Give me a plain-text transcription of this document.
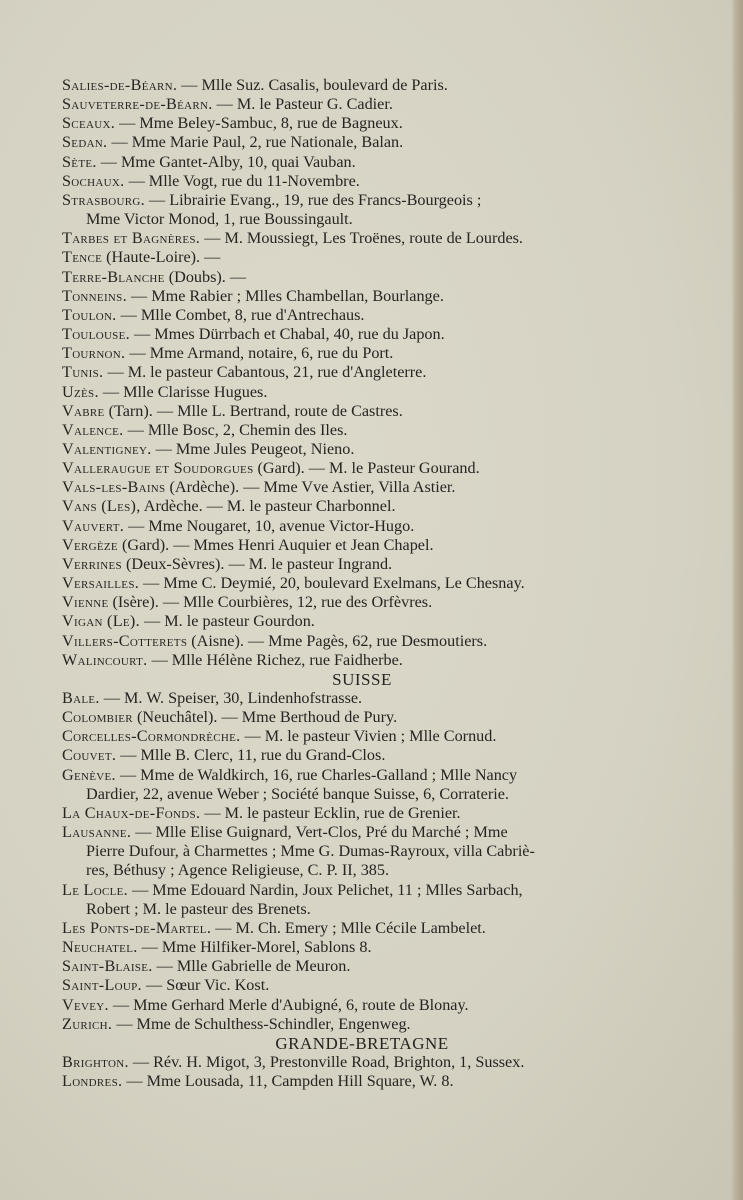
Salies-de-Béarn. — Mlle Suz. Casalis, boulevard de Paris.
Sauveterre-de-Béarn. — M. le Pasteur G. Cadier.
Sceaux. — Mme Beley-Sambuc, 8, rue de Bagneux.
Sedan. — Mme Marie Paul, 2, rue Nationale, Balan.
Sète. — Mme Gantet-Alby, 10, quai Vauban.
Sochaux. — Mlle Vogt, rue du 11-Novembre.
Strasbourg. — Librairie Evang., 19, rue des Francs-Bourgeois ;
Mme Victor Monod, 1, rue Boussingault.
Tarbes et Bagnères. — M. Moussiegt, Les Troënes, route de Lourdes.
Tence (Haute-Loire). —
Terre-Blanche (Doubs). —
Tonneins. — Mme Rabier ; Mlles Chambellan, Bourlange.
Toulon. — Mlle Combet, 8, rue d'Antrechaus.
Toulouse. — Mmes Dürrbach et Chabal, 40, rue du Japon.
Tournon. — Mme Armand, notaire, 6, rue du Port.
Tunis. — M. le pasteur Cabantous, 21, rue d'Angleterre.
Uzès. — Mlle Clarisse Hugues.
Vabre (Tarn). — Mlle L. Bertrand, route de Castres.
Valence. — Mlle Bosc, 2, Chemin des Iles.
Valentigney. — Mme Jules Peugeot, Nieno.
Valleraugue et Soudorgues (Gard). — M. le Pasteur Gourand.
Vals-les-Bains (Ardèche). — Mme Vve Astier, Villa Astier.
Vans (Les), Ardèche. — M. le pasteur Charbonnel.
Vauvert. — Mme Nougaret, 10, avenue Victor-Hugo.
Vergèze (Gard). — Mmes Henri Auquier et Jean Chapel.
Verrines (Deux-Sèvres). — M. le pasteur Ingrand.
Versailles. — Mme C. Deymié, 20, boulevard Exelmans, Le Chesnay.
Vienne (Isère). — Mlle Courbières, 12, rue des Orfèvres.
Vigan (Le). — M. le pasteur Gourdon.
Villers-Cotterets (Aisne). — Mme Pagès, 62, rue Desmoutiers.
Walincourt. — Mlle Hélène Richez, rue Faidherbe.
SUISSE
Bale. — M. W. Speiser, 30, Lindenhofstrasse.
Colombier (Neuchâtel). — Mme Berthoud de Pury.
Corcelles-Cormondrèche. — M. le pasteur Vivien ; Mlle Cornud.
Couvet. — Mlle B. Clerc, 11, rue du Grand-Clos.
Genève. — Mme de Waldkirch, 16, rue Charles-Galland ; Mlle Nancy
Dardier, 22, avenue Weber ; Société banque Suisse, 6, Corraterie.
La Chaux-de-Fonds. — M. le pasteur Ecklin, rue de Grenier.
Lausanne. — Mlle Elise Guignard, Vert-Clos, Pré du Marché ; Mme
Pierre Dufour, à Charmettes ; Mme G. Dumas-Rayroux, villa Cabriè-
res, Béthusy ; Agence Religieuse, C. P. II, 385.
Le Locle. — Mme Edouard Nardin, Joux Pelichet, 11 ; Mlles Sarbach,
Robert ; M. le pasteur des Brenets.
Les Ponts-de-Martel. — M. Ch. Emery ; Mlle Cécile Lambelet.
Neuchatel. — Mme Hilfiker-Morel, Sablons 8.
Saint-Blaise. — Mlle Gabrielle de Meuron.
Saint-Loup. — Sœur Vic. Kost.
Vevey. — Mme Gerhard Merle d'Aubigné, 6, route de Blonay.
Zurich. — Mme de Schulthess-Schindler, Engenweg.
GRANDE-BRETAGNE
Brighton. — Rév. H. Migot, 3, Prestonville Road, Brighton, 1, Sussex.
Londres. — Mme Lousada, 11, Campden Hill Square, W. 8.
